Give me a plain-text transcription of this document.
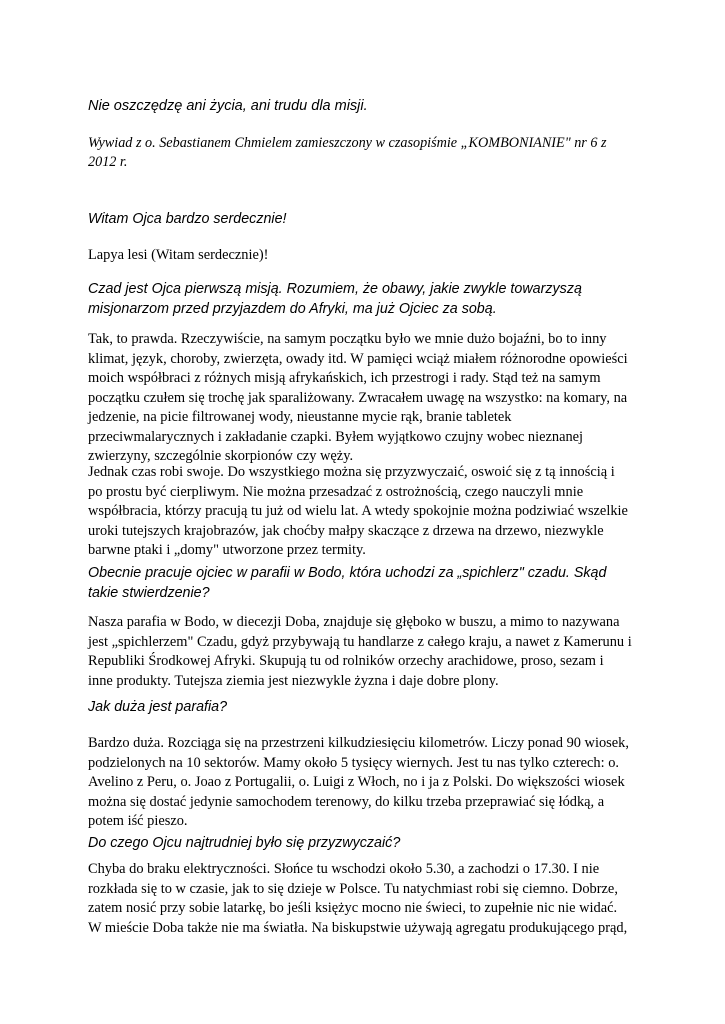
Nie oszczędzę ani życia, ani trudu dla misji.
Wywiad z o. Sebastianem Chmielem zamieszczony w czasopiśmie „KOMBONIANIE" nr 6 z
2012 r.
Witam Ojca bardzo serdecznie!
Lapya lesi (Witam serdecznie)!
Czad jest Ojca pierwszą misją. Rozumiem, że obawy, jakie zwykle towarzyszą
misjonarzom przed przyjazdem do Afryki, ma już Ojciec za sobą.
Tak, to prawda. Rzeczywiście, na samym początku było we mnie dużo bojaźni, bo to inny
klimat, język, choroby, zwierzęta, owady itd. W pamięci wciąż miałem różnorodne opowieści
moich współbraci z różnych misją afrykańskich, ich przestrogi i rady. Stąd też na samym
początku czułem się trochę jak sparaliżowany. Zwracałem uwagę na wszystko: na komary, na
jedzenie, na picie filtrowanej wody, nieustanne mycie rąk, branie tabletek
przeciwmalarycznych i zakładanie czapki. Byłem wyjątkowo czujny wobec nieznanej
zwierzyny, szczególnie skorpionów czy węży.
Jednak czas robi swoje. Do wszystkiego można się przyzwyczaić, oswoić się z tą innością i
po prostu być cierpliwym. Nie można przesadzać z ostrożnością, czego nauczyli mnie
współbracia, którzy pracują tu już od wielu lat. A wtedy spokojnie można podziwiać wszelkie
uroki tutejszych krajobrazów, jak choćby małpy skaczące z drzewa na drzewo, niezwykle
barwne ptaki i „domy" utworzone przez termity.
Obecnie pracuje ojciec w parafii w Bodo, która uchodzi za „spichlerz" czadu. Skąd
takie stwierdzenie?
Nasza parafia w Bodo, w diecezji Doba, znajduje się głęboko w buszu, a mimo to nazywana
jest „spichlerzem" Czadu, gdyż przybywają tu handlarze z całego kraju, a nawet z Kamerunu i
Republiki Środkowej Afryki. Skupują tu od rolników orzechy arachidowe, proso, sezam i
inne produkty. Tutejsza ziemia jest niezwykle żyzna i daje dobre plony.
Jak duża jest parafia?
Bardzo duża. Rozciąga się na przestrzeni kilkudziesięciu kilometrów. Liczy ponad 90 wiosek,
podzielonych na 10 sektorów. Mamy około 5 tysięcy wiernych. Jest tu nas tylko czterech: o.
Avelino z Peru, o. Joao z Portugalii, o. Luigi z Włoch, no i ja z Polski. Do większości wiosek
można się dostać jedynie samochodem terenowy, do kilku trzeba przeprawiać się łódką, a
potem iść pieszo.
Do czego Ojcu najtrudniej było się przyzwyczaić?
Chyba do braku elektryczności. Słońce tu wschodzi około 5.30, a zachodzi o 17.30. I nie
rozkłada się to w czasie, jak to się dzieje w Polsce. Tu natychmiast robi się ciemno. Dobrze,
zatem nosić przy sobie latarkę, bo jeśli księżyc mocno nie świeci, to zupełnie nic nie widać.
W mieście Doba także nie ma światła. Na biskupstwie używają agregatu produkującego prąd,
